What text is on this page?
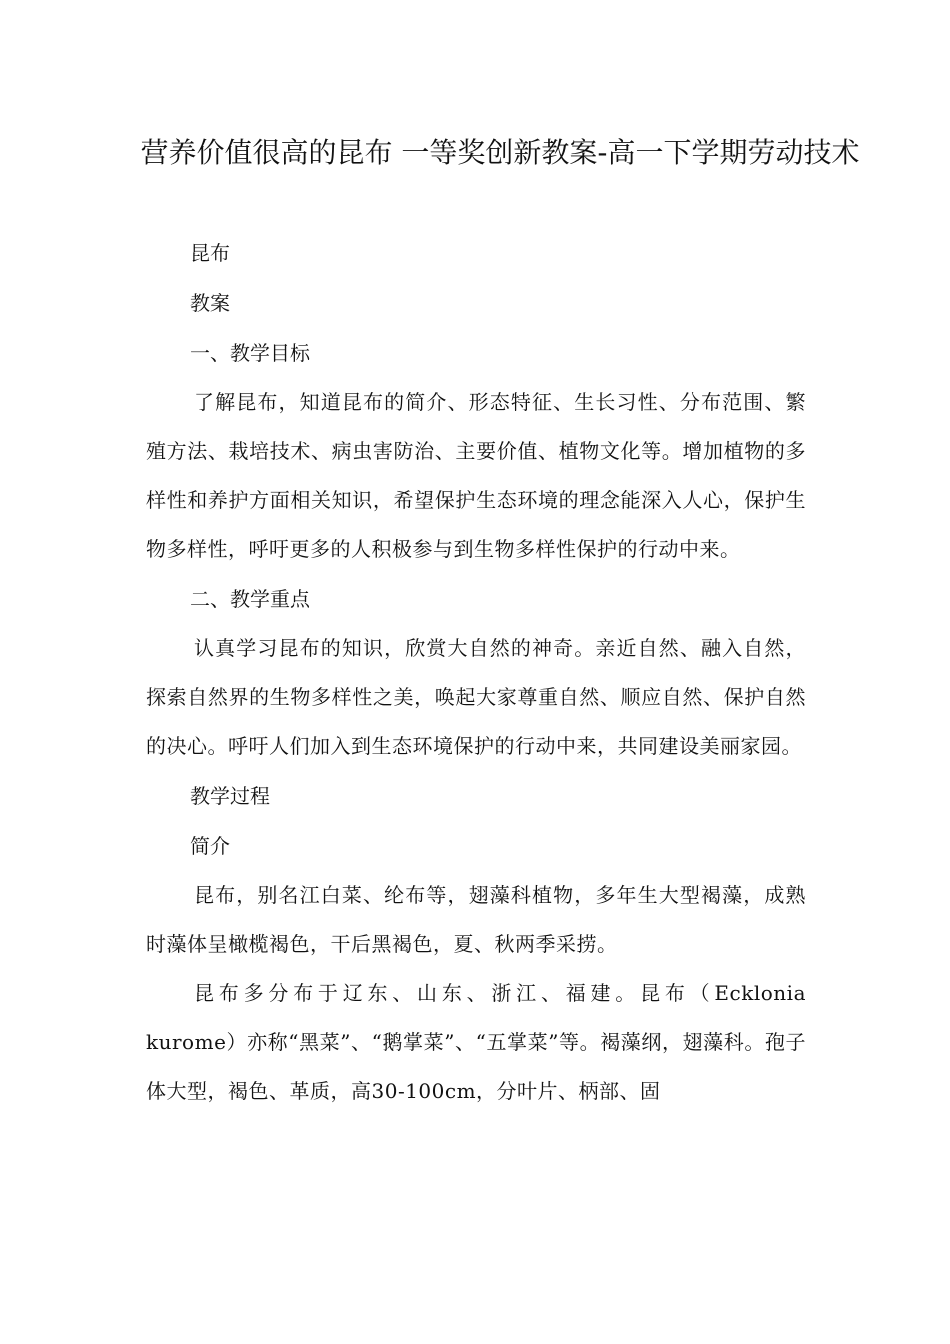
营养价值很高的昆布 一等奖创新教案-高一下学期劳动技术

昆布

教案

一、教学目标

了解昆布，知道昆布的简介、形态特征、生长习性、分布范围、繁殖方法、栽培技术、病虫害防治、主要价值、植物文化等。增加植物的多样性和养护方面相关知识，希望保护生态环境的理念能深入人心，保护生物多样性，呼吁更多的人积极参与到生物多样性保护的行动中来。

二、教学重点

认真学习昆布的知识，欣赏大自然的神奇。亲近自然、融入自然，探索自然界的生物多样性之美，唤起大家尊重自然、顺应自然、保护自然的决心。呼吁人们加入到生态环境保护的行动中来，共同建设美丽家园。

教学过程

简介

昆布，别名江白菜、纶布等，翅藻科植物，多年生大型褐藻，成熟时藻体呈橄榄褐色，干后黑褐色，夏、秋两季采捞。

昆布多分布于辽东、山东、浙江、福建。昆布（Ecklonia kurome）亦称“黑菜”、“鹅掌菜”、“五掌菜”等。褐藻纲，翅藻科。孢子体大型，褐色、革质，高30-100cm，分叶片、柄部、固
